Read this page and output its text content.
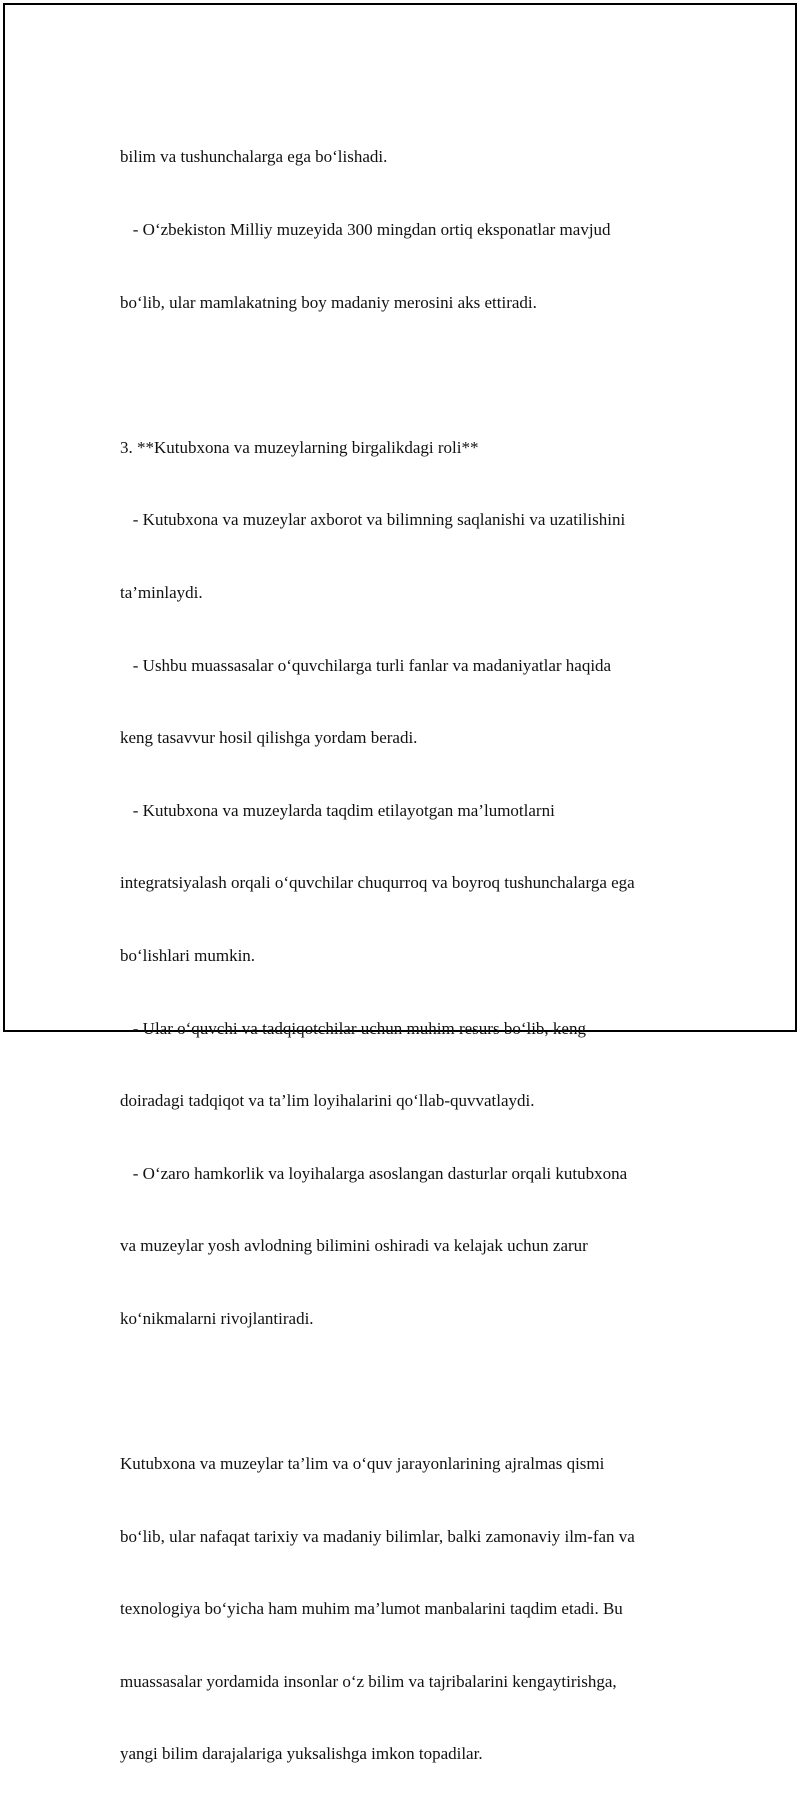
bilim va tushunchalarga ega bo‘lishadi.

- O‘zbekiston Milliy muzeyida 300 mingdan ortiq eksponatlar mavjud

bo‘lib, ular mamlakatning boy madaniy merosini aks ettiradi.

3. **Kutubxona va muzeylarning birgalikdagi roli**

- Kutubxona va muzeylar axborot va bilimning saqlanishi va uzatilishini

ta’minlaydi.

- Ushbu muassasalar o‘quvchilarga turli fanlar va madaniyatlar haqida

keng tasavvur hosil qilishga yordam beradi.

- Kutubxona va muzeylarda taqdim etilayotgan ma’lumotlarni

integratsiyalash orqali o‘quvchilar chuqurroq va boyroq tushunchalarga ega

bo‘lishlari mumkin.

- Ular o‘quvchi va tadqiqotchilar uchun muhim resurs bo‘lib, keng

doiradagi tadqiqot va ta’lim loyihalarini qo‘llab-quvvatlaydi.

- O‘zaro hamkorlik va loyihalarga asoslangan dasturlar orqali kutubxona

va muzeylar yosh avlodning bilimini oshiradi va kelajak uchun zarur

ko‘nikmalarni rivojlantiradi.

Kutubxona va muzeylar ta’lim va o‘quv jarayonlarining ajralmas qismi

bo‘lib, ular nafaqat tarixiy va madaniy bilimlar, balki zamonaviy ilm-fan va

texnologiya bo‘yicha ham muhim ma’lumot manbalarini taqdim etadi. Bu

muassasalar yordamida insonlar o‘z bilim va tajribalarini kengaytirishga,

yangi bilim darajalariga yuksalishga imkon topadilar.
